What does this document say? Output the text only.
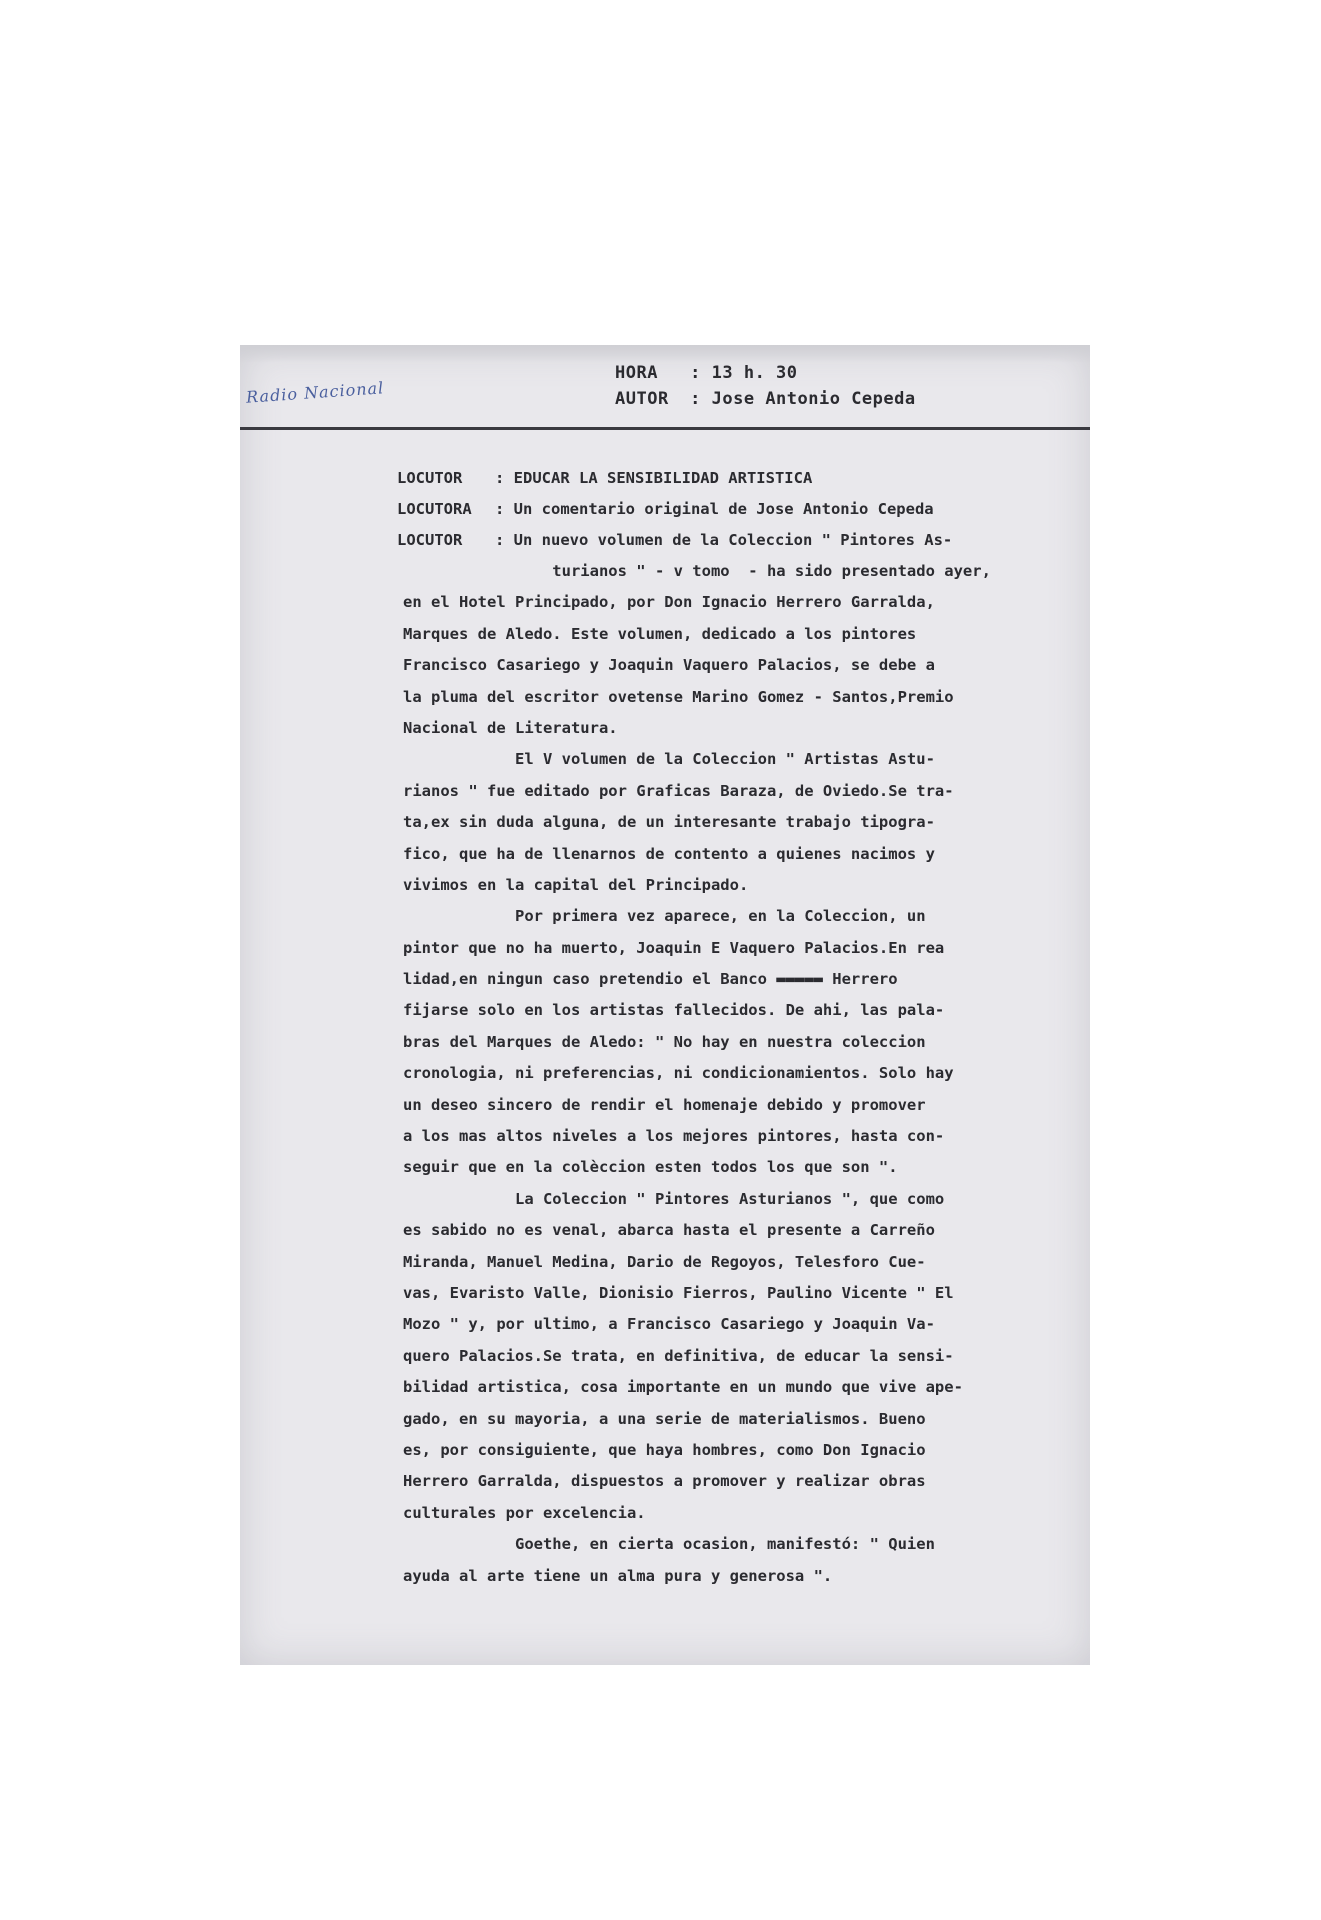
Radio Nacional
HORA : 13 h. 30
AUTOR : Jose Antonio Cepeda
LOCUTOR : EDUCAR LA SENSIBILIDAD ARTISTICA
LOCUTORA : Un comentario original de Jose Antonio Cepeda
LOCUTOR : Un nuevo volumen de la Coleccion " Pintores As-
turianos " - v tomo  - ha sido presentado ayer,
en el Hotel Principado, por Don Ignacio Herrero Garralda,
Marques de Aledo. Este volumen, dedicado a los pintores
Francisco Casariego y Joaquin Vaquero Palacios, se debe a
la pluma del escritor ovetense Marino Gomez - Santos,Premio
Nacional de Literatura.
El V volumen de la Coleccion " Artistas Astu-
rianos " fue editado por Graficas Baraza, de Oviedo.Se tra-
ta,ex sin duda alguna, de un interesante trabajo tipogra-
fico, que ha de llenarnos de contento a quienes nacimos y
vivimos en la capital del Principado.
Por primera vez aparece, en la Coleccion, un
pintor que no ha muerto, Joaquin E Vaquero Palacios.En rea
lidad,en ningun caso pretendio el Banco ▬▬▬▬▬ Herrero
fijarse solo en los artistas fallecidos. De ahi, las pala-
bras del Marques de Aledo: " No hay en nuestra coleccion
cronologia, ni preferencias, ni condicionamientos. Solo hay
un deseo sincero de rendir el homenaje debido y promover
a los mas altos niveles a los mejores pintores, hasta con-
seguir que en la colèccion esten todos los que son ".
La Coleccion " Pintores Asturianos ", que como
es sabido no es venal, abarca hasta el presente a Carreño
Miranda, Manuel Medina, Dario de Regoyos, Telesforo Cue-
vas, Evaristo Valle, Dionisio Fierros, Paulino Vicente " El
Mozo " y, por ultimo, a Francisco Casariego y Joaquin Va-
quero Palacios.Se trata, en definitiva, de educar la sensi-
bilidad artistica, cosa importante en un mundo que vive ape-
gado, en su mayoria, a una serie de materialismos. Bueno
es, por consiguiente, que haya hombres, como Don Ignacio
Herrero Garralda, dispuestos a promover y realizar obras
culturales por excelencia.
Goethe, en cierta ocasion, manifestó: " Quien
ayuda al arte tiene un alma pura y generosa ".
